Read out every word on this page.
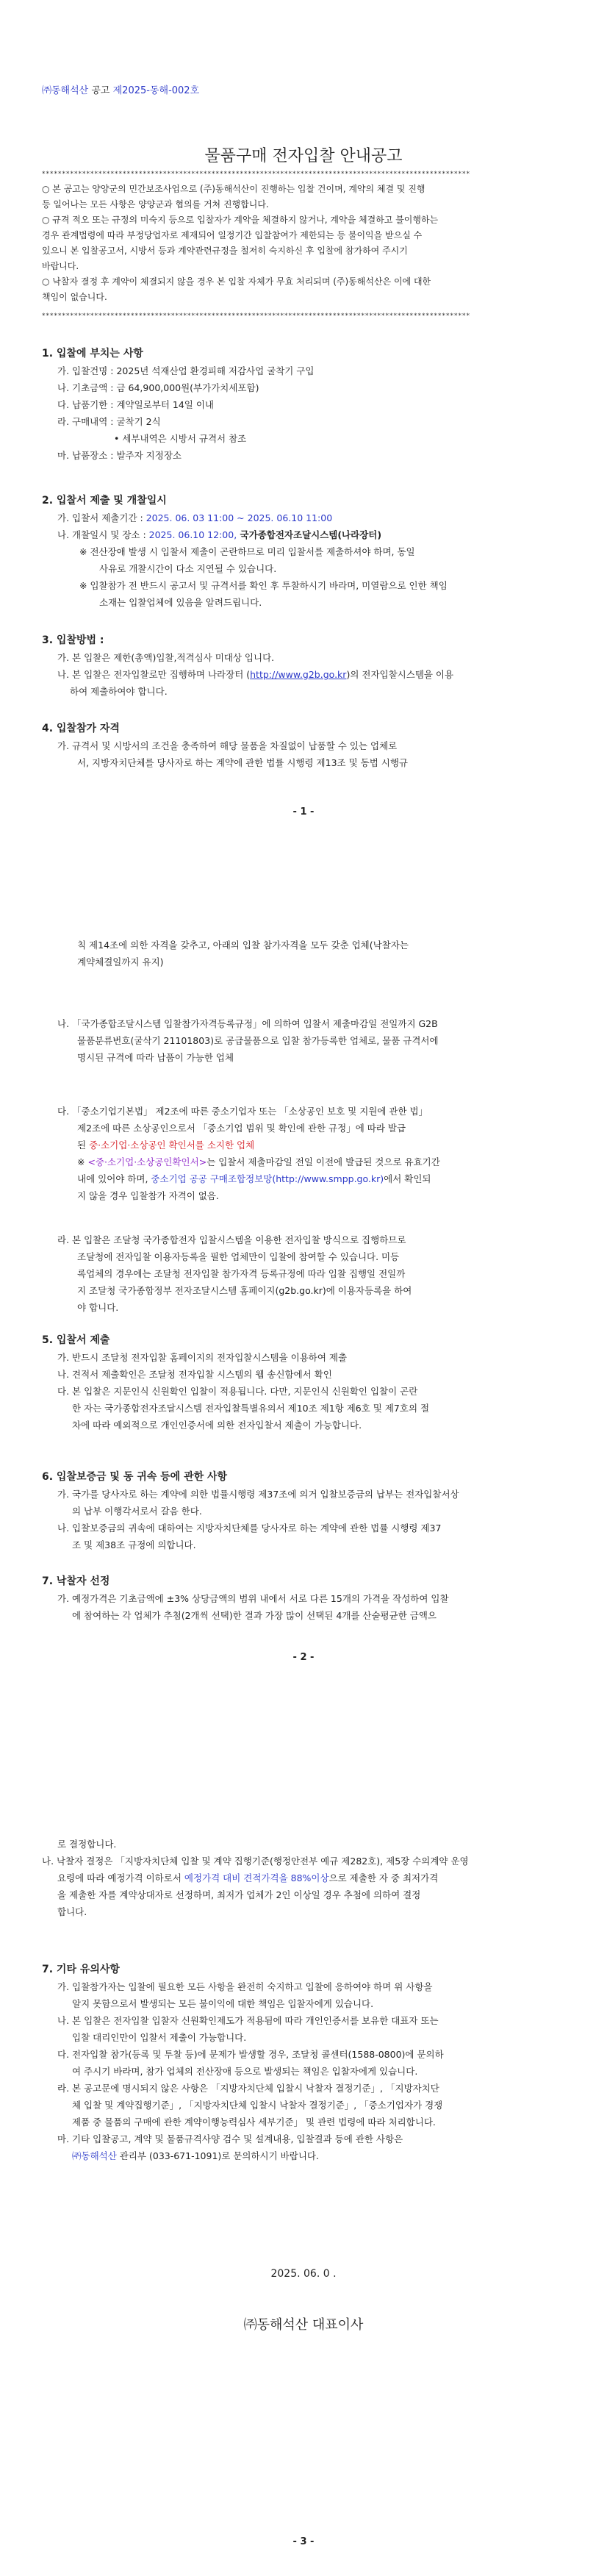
㈜동해석산 공고 제2025-동해-002호
물품구매 전자입찰 안내공고
**********************************************************************************************************
○ 본 공고는 양양군의 민간보조사업으로 (주)동해석산이 진행하는 입찰 건이며, 계약의 체결 및 진행
등 일어나는 모든 사항은 양양군과 협의를 거쳐 진행합니다.
○ 규격 적오 또는 규정의 미숙지 등으로 입찰자가 계약을 체결하지 않거나, 계약을 체결하고 불이행하는
경우 관계법령에 따라 부정당업자로 제재되어 일정기간 입찰참여가 제한되는 등 불이익을 받으실 수
있으니 본 입찰공고서, 시방서 등과 계약관련규정을 철저히 숙지하신 후 입찰에 참가하여 주시기
바랍니다.
○ 낙찰자 결정 후 계약이 체결되지 않을 경우 본 입찰 자체가 무효 처리되며 (주)동해석산은 이에 대한
책임이 없습니다.
**********************************************************************************************************
1. 입찰에 부치는 사항
가. 입찰건명 : 2025년 석재산업 환경피해 저감사업 굴착기 구입
나. 기초금액 : 금 64,900,000원(부가가치세포함)
다. 납품기한 : 계약일로부터 14일 이내
라. 구매내역 : 굴착기 2식
• 세부내역은 시방서 규격서 참조
마. 납품장소 : 발주자 지정장소
2. 입찰서 제출 및 개찰일시
가. 입찰서 제출기간 : 2025. 06. 03 11:00 ~ 2025. 06.10 11:00
나. 개찰일시 및 장소 : 2025. 06.10 12:00, 국가종합전자조달시스템(나라장터)
※ 전산장애 발생 시 입찰서 제출이 곤란하므로 미리 입찰서를 제출하셔야 하며, 동일
사유로 개찰시간이 다소 지연될 수 있습니다.
※ 입찰참가 전 반드시 공고서 및 규격서를 확인 후 투찰하시기 바라며, 미열람으로 인한 책임
소재는 입찰업체에 있음을 알려드립니다.
3. 입찰방법 :
가. 본 입찰은 제한(총액)입찰,적격심사 미대상 입니다.
나. 본 입찰은 전자입찰로만 집행하며 나라장터 (http://www.g2b.go.kr)의 전자입찰시스템을 이용
하여 제출하여야 합니다.
4. 입찰참가 자격
가. 규격서 및 시방서의 조건을 충족하여 해당 물품을 차질없이 납품할 수 있는 업체로
서, 지방자치단체를 당사자로 하는 계약에 관한 법률 시행령 제13조 및 동법 시행규
- 1 -
칙 제14조에 의한 자격을 갖추고, 아래의 입찰 참가자격을 모두 갖춘 업체(낙찰자는
계약체결일까지 유지)
나. 「국가종합조달시스템 입찰참가자격등록규정」에 의하여 입찰서 제출마감일 전일까지 G2B
물품분류번호(굴삭기 21101803)로 공급물품으로 입찰 참가등록한 업체로, 물품 규격서에
명시된 규격에 따라 납품이 가능한 업체
다. 「중소기업기본법」 제2조에 따른 중소기업자 또는 「소상공인 보호 및 지원에 관한 법」
제2조에 따른 소상공인으로서 「중소기업 범위 및 확인에 관한 규정」에 따라 발급
된 중·소기업·소상공인 확인서를 소지한 업체
※ <중·소기업·소상공인확인서>는 입찰서 제출마감일 전일 이전에 발급된 것으로 유효기간
내에 있어야 하며, 중소기업 공공 구매조합정보망(http://www.smpp.go.kr)에서 확인되
지 않을 경우 입찰참가 자격이 없음.
라. 본 입찰은 조달청 국가종합전자 입찰시스템을 이용한 전자입찰 방식으로 집행하므로
조달청에 전자입찰 이용자등록을 필한 업체만이 입찰에 참여할 수 있습니다. 미등
록업체의 경우에는 조달청 전자입찰 참가자격 등록규정에 따라 입찰 집행일 전일까
지 조달청 국가종합정부 전자조달시스템 홈페이지(g2b.go.kr)에 이용자등록을 하여
야 합니다.
5. 입찰서 제출
가. 반드시 조달청 전자입찰 홈페이지의 전자입찰시스템을 이용하여 제출
나. 견적서 제출확인은 조달청 전자입찰 시스템의 웹 송신함에서 확인
다. 본 입찰은 지문인식 신원확인 입찰이 적용됩니다. 다만, 지문인식 신원확인 입찰이 곤란
한 자는 국가종합전자조달시스템 전자입찰특별유의서 제10조 제1항 제6호 및 제7호의 절
차에 따라 예외적으로 개인인증서에 의한 전자입찰서 제출이 가능합니다.
6. 입찰보증금 및 동 귀속 등에 관한 사항
가. 국가를 당사자로 하는 계약에 의한 법률시행령 제37조에 의거 입찰보증금의 납부는 전자입찰서상
의 납부 이행각서로서 갈음 한다.
나. 입찰보증금의 귀속에 대하여는 지방자치단체를 당사자로 하는 계약에 관한 법률 시행령 제37
조 및 제38조 규정에 의합니다.
7. 낙찰자 선정
가. 예정가격은 기초금액에 ±3% 상당금액의 범위 내에서 서로 다른 15개의 가격을 작성하여 입찰
에 참여하는 각 업체가 추첨(2개씩 선택)한 결과 가장 많이 선택된 4개를 산술평균한 금액으
- 2 -
로 결정합니다.
나. 낙찰자 결정은 「지방자치단체 입찰 및 계약 집행기준(행정안전부 예규 제282호), 제5장 수의계약 운영
요령에 따라 예정가격 이하로서 예정가격 대비 견적가격을 88%이상으로 제출한 자 중 최저가격
을 제출한 자를 계약상대자로 선정하며, 최저가 업체가 2인 이상일 경우 추첨에 의하여 결정
합니다.
7. 기타 유의사항
가. 입찰참가자는 입찰에 필요한 모든 사항을 완전히 숙지하고 입찰에 응하여야 하며 위 사항을
알지 못함으로서 발생되는 모든 불이익에 대한 책임은 입찰자에게 있습니다.
나. 본 입찰은 전자입찰 입찰자 신원확인제도가 적용됨에 따라 개인인증서를 보유한 대표자 또는
입찰 대리인만이 입찰서 제출이 가능합니다.
다. 전자입찰 참가(등록 및 투찰 등)에 문제가 발생할 경우, 조달청 콜센터(1588-0800)에 문의하
여 주시기 바라며, 참가 업체의 전산장애 등으로 발생되는 책임은 입찰자에게 있습니다.
라. 본 공고문에 명시되지 않은 사항은 「지방자치단체 입찰시 낙찰자 결정기준」, 「지방자치단
체 입찰 및 계약집행기준」, 「지방자치단체 입찰시 낙찰자 결정기준」, 「중소기업자가 경쟁
제품 중 물품의 구매에 관한 계약이행능력심사 세부기준」 및 관련 법령에 따라 처리합니다.
마. 기타 입찰공고, 계약 및 물품규격사양 검수 및 설계내용, 입찰결과 등에 관한 사항은
㈜동해석산 관리부 (033-671-1091)로 문의하시기 바랍니다.
2025. 06. 0 .
㈜동해석산 대표이사
- 3 -
